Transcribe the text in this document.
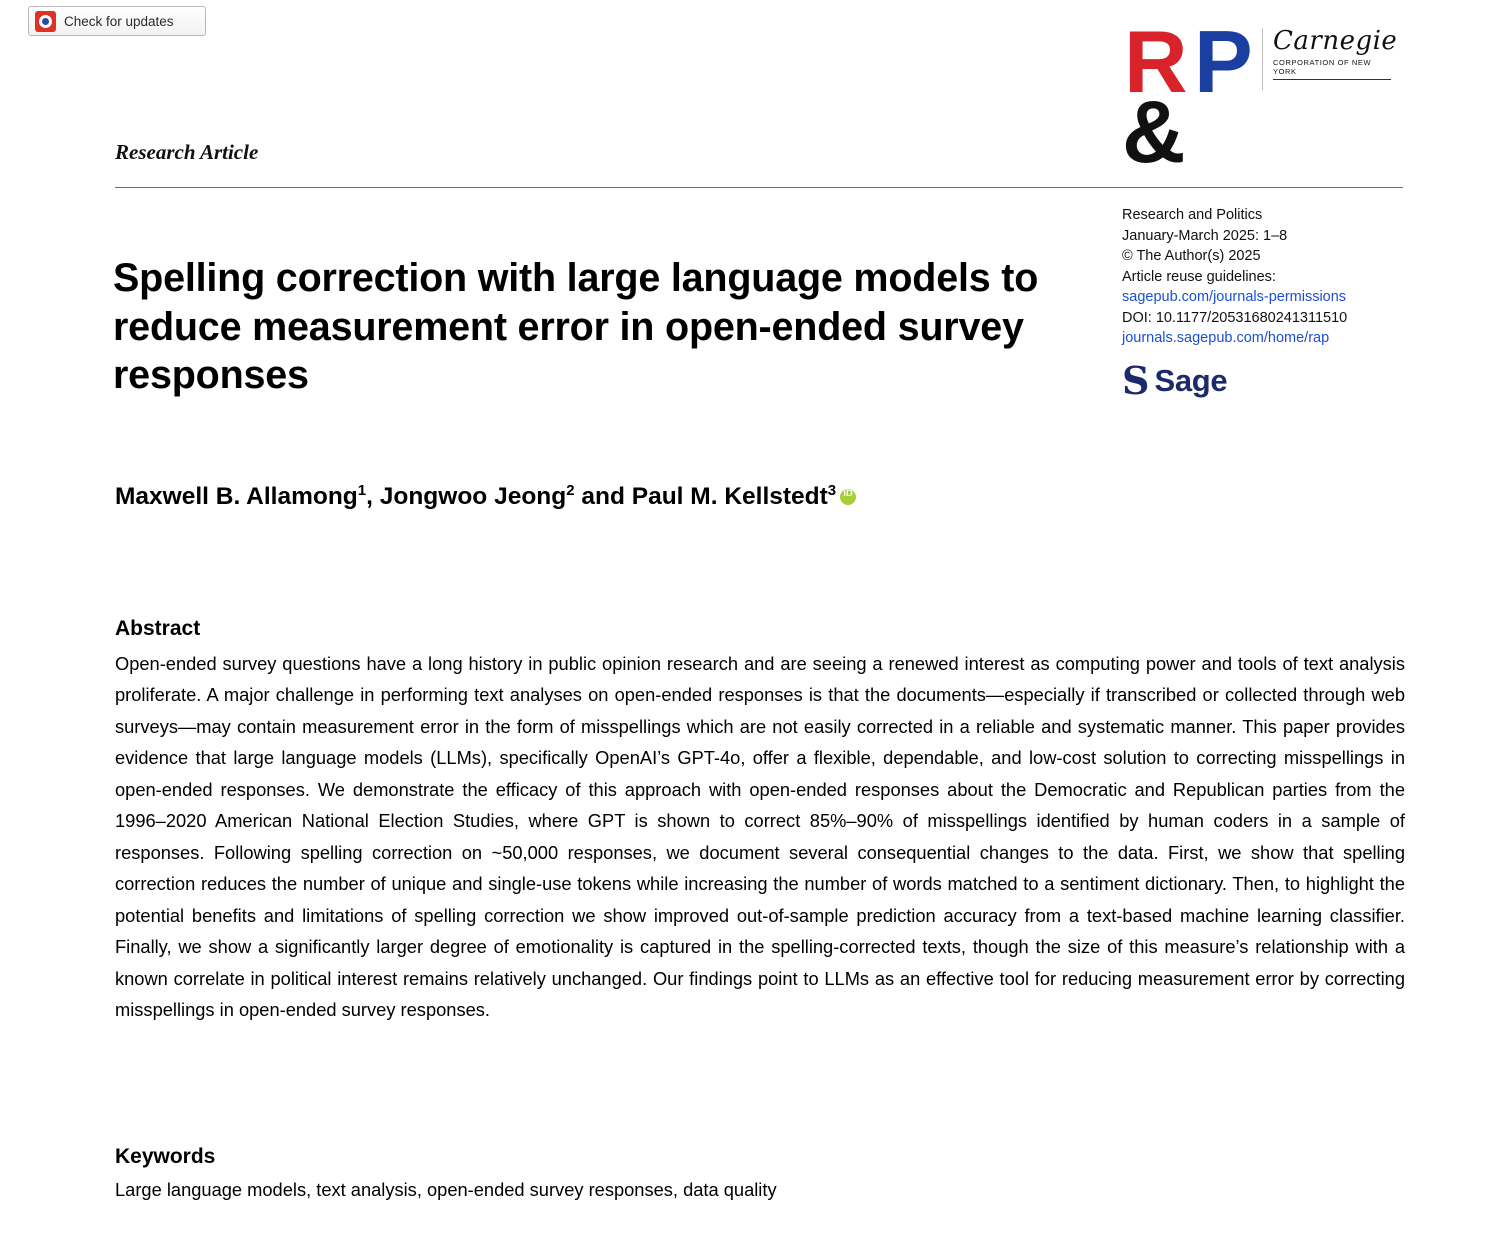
Check for updates	R P
&
Carnegie
CORPORATION OF NEW YORK
Research and Politics
January-March 2025: 1–8
© The Author(s) 2025
Article reuse guidelines:
sagepub.com/journals-permissions
DOI: 10.1177/20531680241311510
journals.sagepub.com/home/rap
S Sage
Research Article
Spelling correction with large language models to reduce measurement error in open-ended survey responses
Maxwell B. Allamong$^1$, Jongwoo Jeong$^2$ and Paul M. Kellstedt$^3$iD
Abstract
Open-ended survey questions have a long history in public opinion research and are seeing a renewed interest as computing power and tools of text analysis proliferate. A major challenge in performing text analyses on open-ended responses is that the documents—especially if transcribed or collected through web surveys—may contain measurement error in the form of misspellings which are not easily corrected in a reliable and systematic manner. This paper provides evidence that large language models (LLMs), specifically OpenAI’s GPT-4o, offer a flexible, dependable, and low-cost solution to correcting misspellings in open-ended responses. We demonstrate the efficacy of this approach with open-ended responses about the Democratic and Republican parties from the 1996–2020 American National Election Studies, where GPT is shown to correct 85%–90% of misspellings identified by human coders in a sample of responses. Following spelling correction on ~50,000 responses, we document several consequential changes to the data. First, we show that spelling correction reduces the number of unique and single-use tokens while increasing the number of words matched to a sentiment dictionary. Then, to highlight the potential benefits and limitations of spelling correction we show improved out-of-sample prediction accuracy from a text-based machine learning classifier. Finally, we show a significantly larger degree of emotionality is captured in the spelling-corrected texts, though the size of this measure’s relationship with a known correlate in political interest remains relatively unchanged. Our findings point to LLMs as an effective tool for reducing measurement error by correcting misspellings in open-ended survey responses.
Keywords
Large language models, text analysis, open-ended survey responses, data quality
